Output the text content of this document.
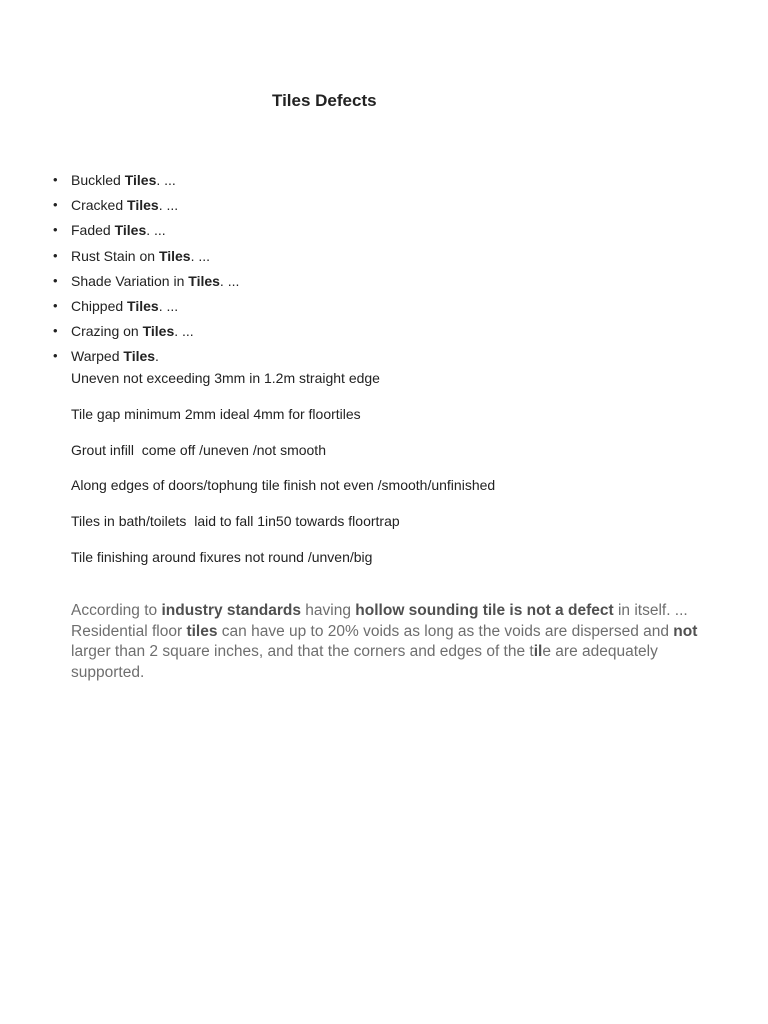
Tiles Defects
• Buckled Tiles. ...
• Cracked Tiles. ...
• Faded Tiles. ...
• Rust Stain on Tiles. ...
• Shade Variation in Tiles. ...
• Chipped Tiles. ...
• Crazing on Tiles. ...
• Warped Tiles.

Uneven not exceeding 3mm in 1.2m straight edge

Tile gap minimum 2mm ideal 4mm for floortiles

Grout infill  come off /uneven /not smooth

Along edges of doors/tophung tile finish not even /smooth/unfinished

Tiles in bath/toilets  laid to fall 1in50 towards floortrap

Tile finishing around fixures not round /unven/big

According to industry standards having hollow sounding tile is not a defect in itself. ... Residential floor tiles can have up to 20% voids as long as the voids are dispersed and not larger than 2 square inches, and that the corners and edges of the tile are adequately supported.
